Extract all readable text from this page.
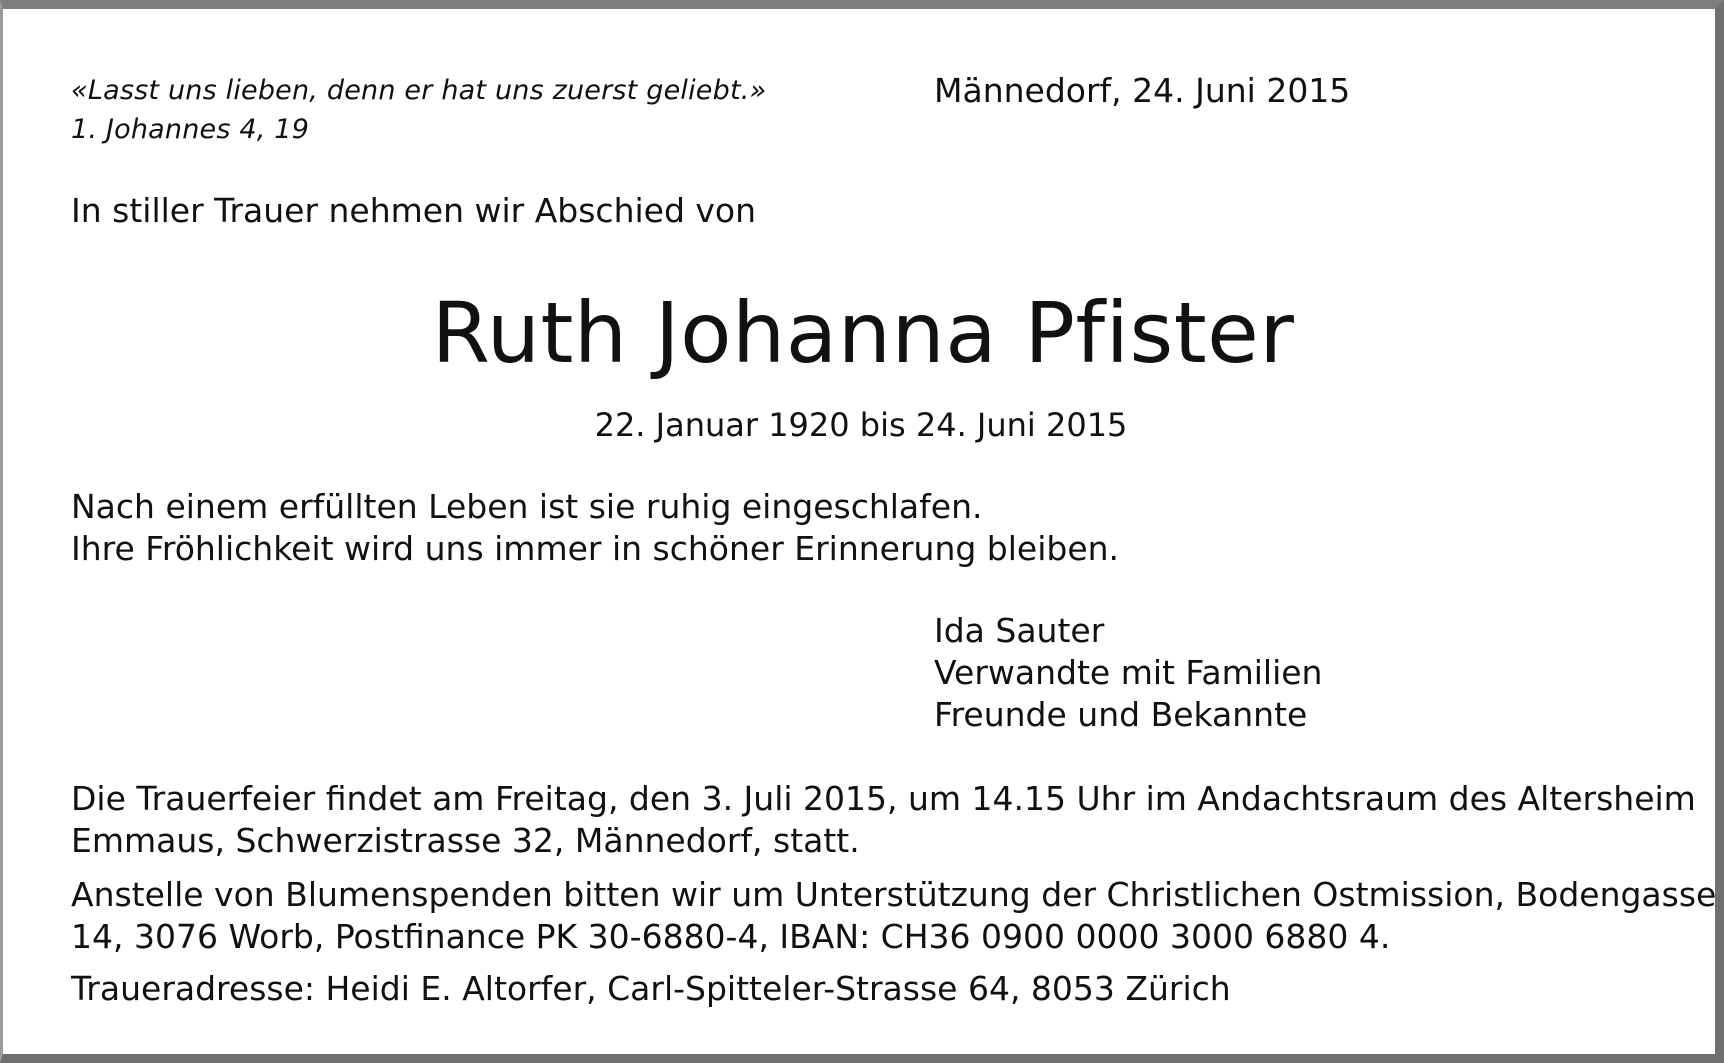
«Lasst uns lieben, denn er hat uns zuerst geliebt.»
1. Johannes 4, 19
Männedorf, 24. Juni 2015
In stiller Trauer nehmen wir Abschied von
Ruth Johanna Pfister
22. Januar 1920 bis 24. Juni 2015
Nach einem erfüllten Leben ist sie ruhig eingeschlafen.
Ihre Fröhlichkeit wird uns immer in schöner Erinnerung bleiben.
Ida Sauter
Verwandte mit Familien
Freunde und Bekannte
Die Trauerfeier findet am Freitag, den 3. Juli 2015, um 14.15 Uhr im Andachtsraum des Altersheim
Emmaus, Schwerzistrasse 32, Männedorf, statt.
Anstelle von Blumenspenden bitten wir um Unterstützung der Christlichen Ostmission, Bodengasse
14, 3076 Worb, Postfinance PK 30-6880-4, IBAN: CH36 0900 0000 3000 6880 4.
Traueradresse: Heidi E. Altorfer, Carl-Spitteler-Strasse 64, 8053 Zürich
